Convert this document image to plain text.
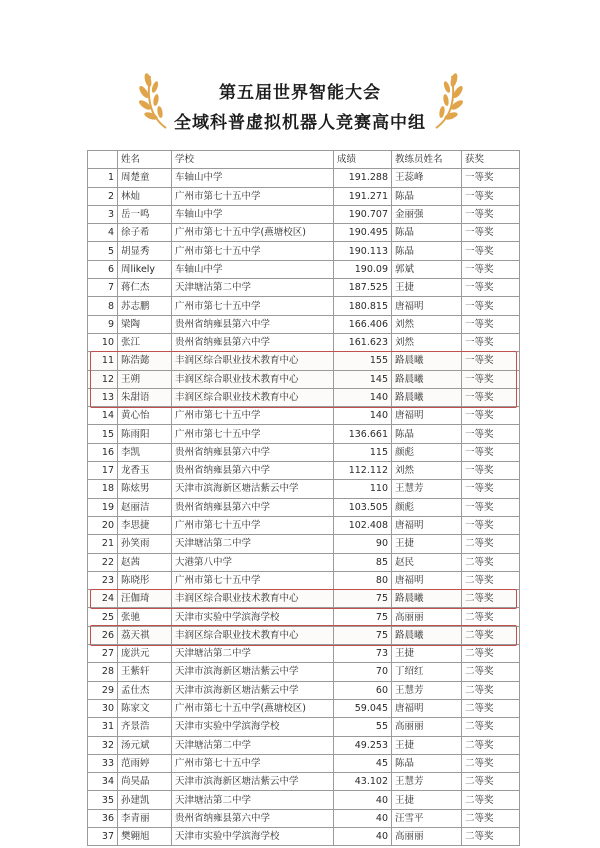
第五届世界智能大会
全域科普虚拟机器人竞赛高中组
	姓名	学校	成绩	教练员姓名	获奖
1	周楚童	车轴山中学	191.288	王蕊峰	一等奖
2	林灿	广州市第七十五中学	191.271	陈晶	一等奖
3	岳一鸣	车轴山中学	190.707	金丽强	一等奖
4	徐子希	广州市第七十五中学(燕塘校区)	190.495	陈晶	一等奖
5	胡显秀	广州市第七十五中学	190.113	陈晶	一等奖
6	周likely	车轴山中学	190.09	郭斌	一等奖
7	蒋仁杰	天津塘沽第二中学	187.525	王捷	一等奖
8	苏志鹏	广州市第七十五中学	180.815	唐福明	一等奖
9	梁陶	贵州省纳雍县第六中学	166.406	刘然	一等奖
10	张江	贵州省纳雍县第六中学	161.623	刘然	一等奖
11	陈浩懿	丰润区综合职业技术教育中心	155	路晨曦	一等奖
12	王朔	丰润区综合职业技术教育中心	145	路晨曦	一等奖
13	朱甜语	丰润区综合职业技术教育中心	140	路晨曦	一等奖
14	黄心怡	广州市第七十五中学	140	唐福明	一等奖
15	陈雨阳	广州市第七十五中学	136.661	陈晶	一等奖
16	李凯	贵州省纳雍县第六中学	115	颜彪	一等奖
17	龙香玉	贵州省纳雍县第六中学	112.112	刘然	一等奖
18	陈炫男	天津市滨海新区塘沽紫云中学	110	王慧芳	一等奖
19	赵丽洁	贵州省纳雍县第六中学	103.505	颜彪	一等奖
20	李思捷	广州市第七十五中学	102.408	唐福明	一等奖
21	孙笑雨	天津塘沽第二中学	90	王捷	二等奖
22	赵茜	大港第八中学	85	赵民	二等奖
23	陈晓彤	广州市第七十五中学	80	唐福明	二等奖
24	汪伽琦	丰润区综合职业技术教育中心	75	路晨曦	二等奖
25	张驰	天津市实验中学滨海学校	75	高丽丽	二等奖
26	荔天祺	丰润区综合职业技术教育中心	75	路晨曦	二等奖
27	庞洪元	天津塘沽第二中学	73	王捷	二等奖
28	王紫轩	天津市滨海新区塘沽紫云中学	70	丁绍红	二等奖
29	孟仕杰	天津市滨海新区塘沽紫云中学	60	王慧芳	二等奖
30	陈家文	广州市第七十五中学(燕塘校区)	59.045	唐福明	二等奖
31	齐景浩	天津市实验中学滨海学校	55	高丽丽	二等奖
32	汤元斌	天津塘沽第二中学	49.253	王捷	二等奖
33	范雨婷	广州市第七十五中学	45	陈晶	二等奖
34	尚昊晶	天津市滨海新区塘沽紫云中学	43.102	王慧芳	二等奖
35	孙建凯	天津塘沽第二中学	40	王捷	二等奖
36	李青丽	贵州省纳雍县第六中学	40	汪雪平	二等奖
37	樊翱旭	天津市实验中学滨海学校	40	高丽丽	二等奖
